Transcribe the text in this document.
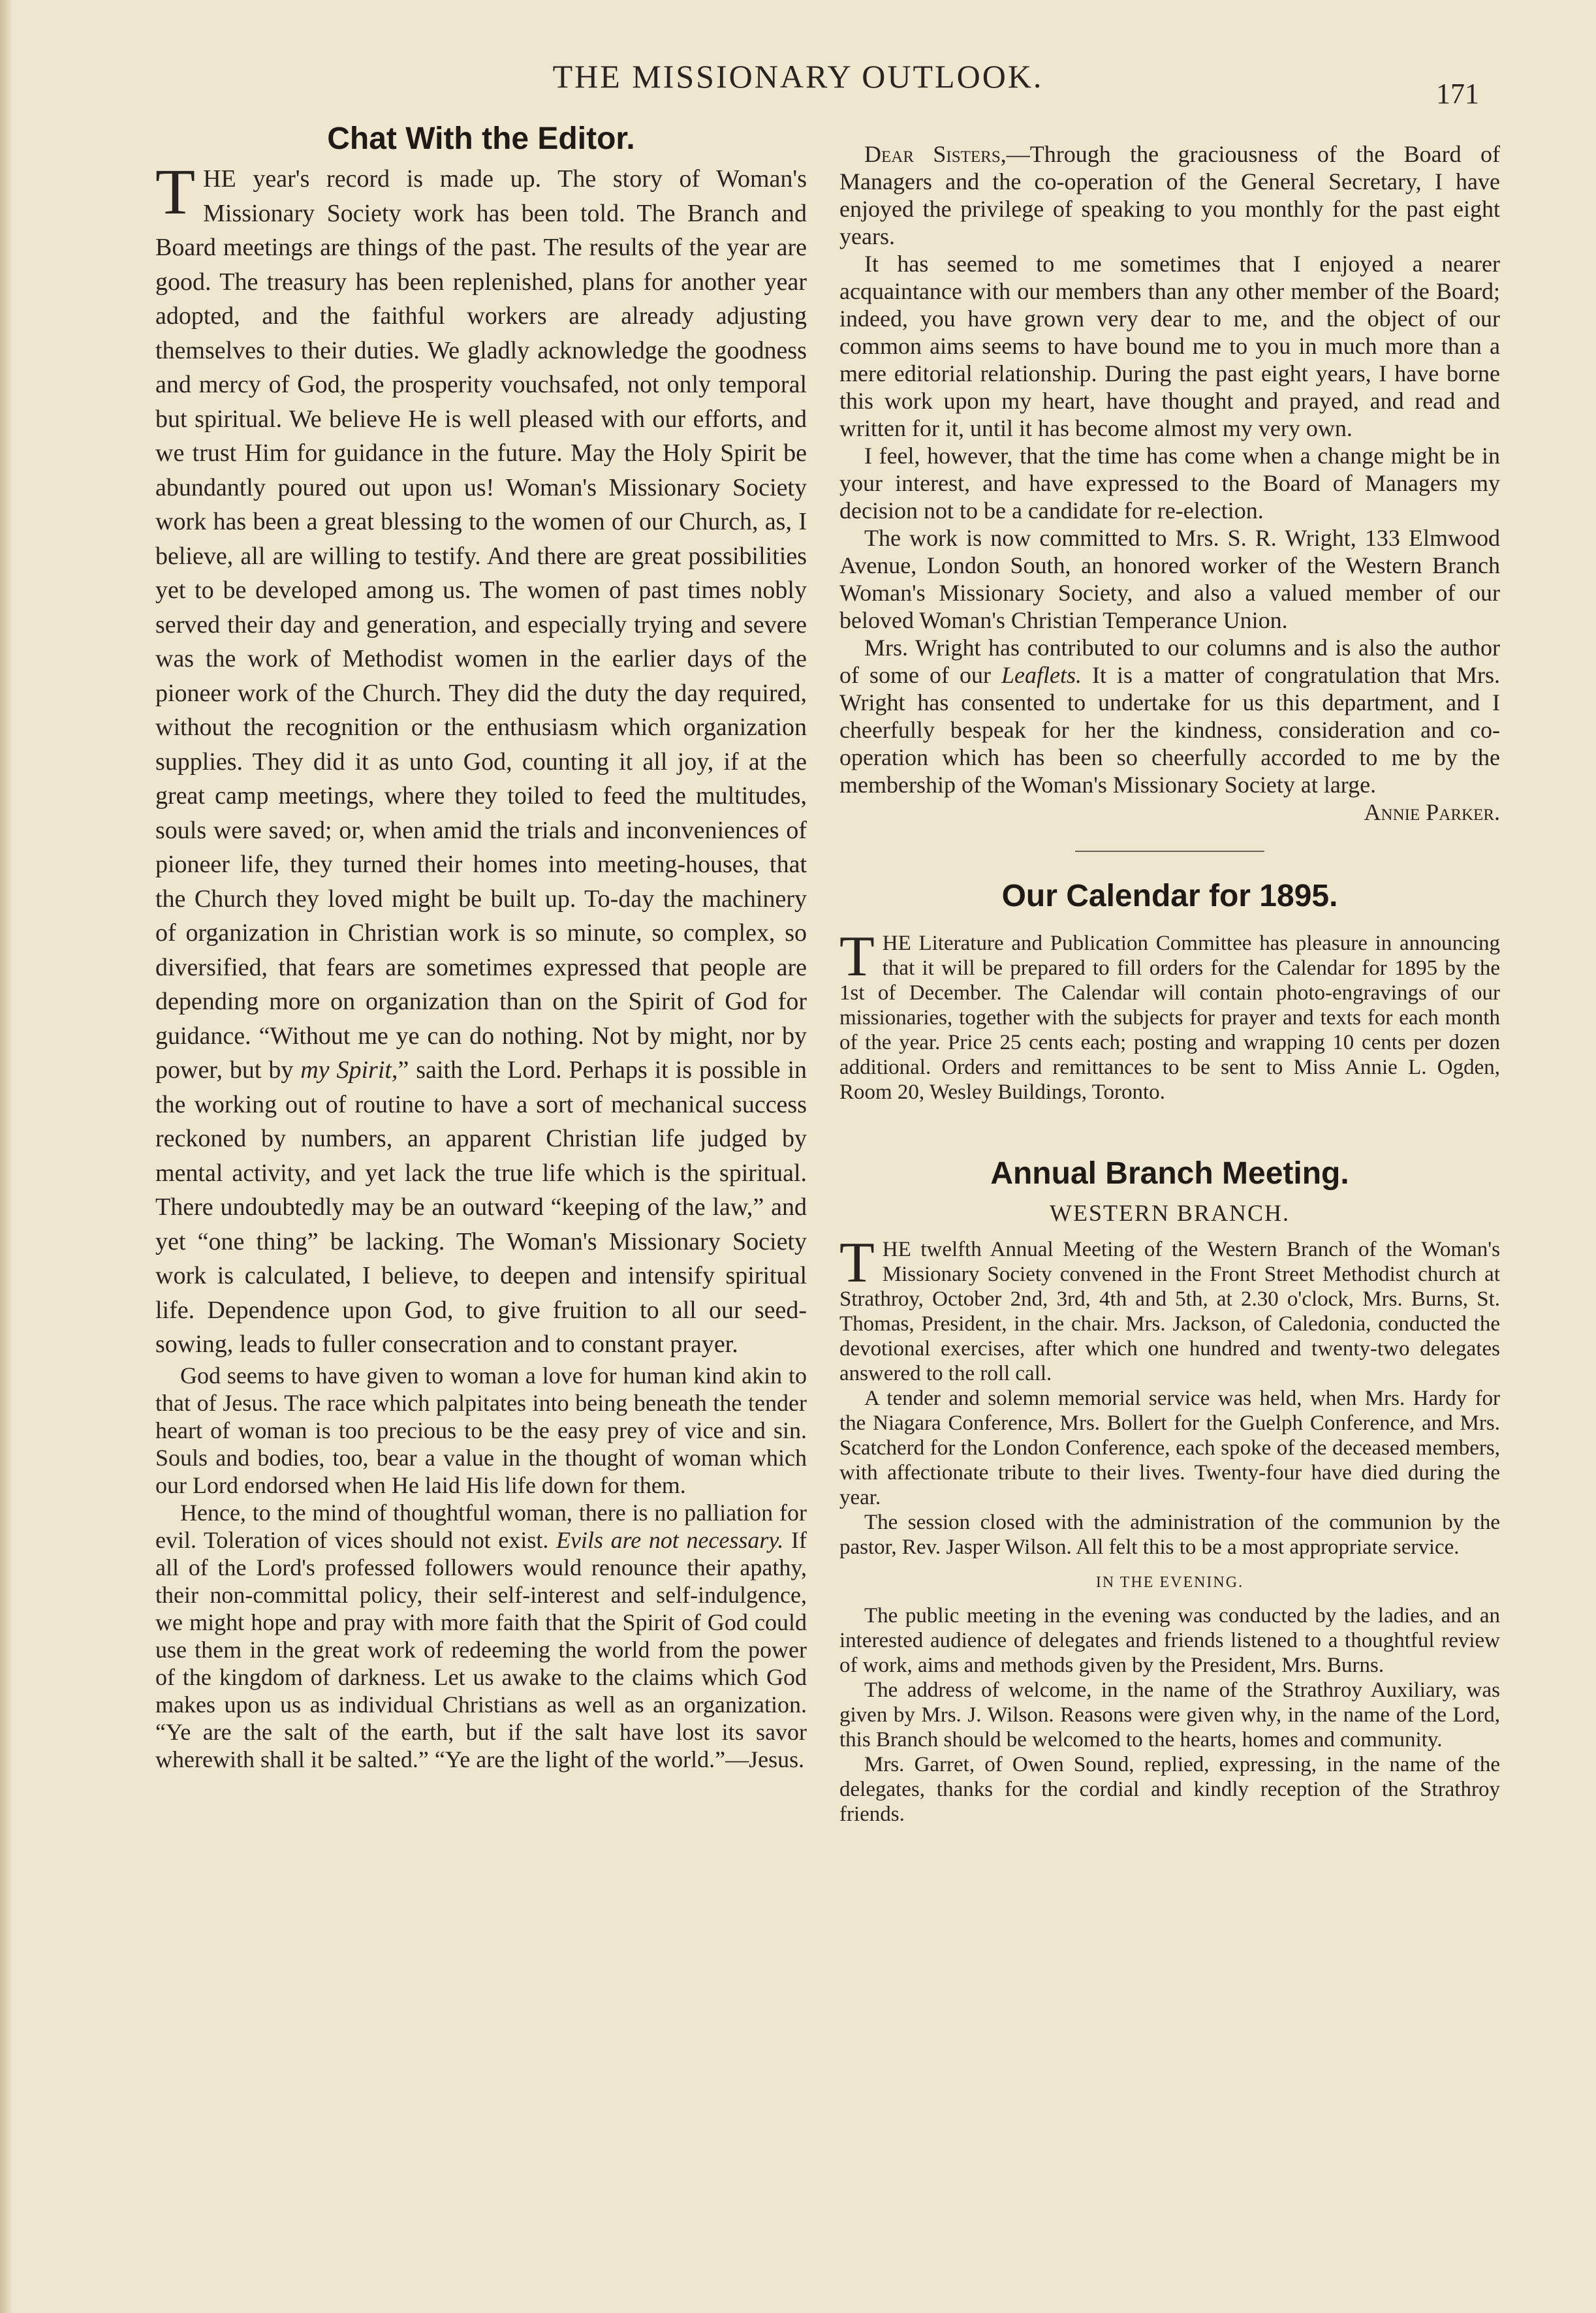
THE MISSIONARY OUTLOOK.	171
Chat With the Editor.

THE year's record is made up. The story of Woman's Missionary Society work has been told. The Branch and Board meetings are things of the past. The results of the year are good. The treasury has been replenished, plans for another year adopted, and the faithful workers are already adjusting themselves to their duties. We gladly acknowledge the goodness and mercy of God, the prosperity vouchsafed, not only temporal but spiritual. We believe He is well pleased with our efforts, and we trust Him for guidance in the future. May the Holy Spirit be abundantly poured out upon us! Woman's Missionary Society work has been a great blessing to the women of our Church, as, I believe, all are willing to testify. And there are great possibilities yet to be developed among us. The women of past times nobly served their day and generation, and especially trying and severe was the work of Methodist women in the earlier days of the pioneer work of the Church. They did the duty the day required, without the recognition or the enthusiasm which organization supplies. They did it as unto God, counting it all joy, if at the great camp meetings, where they toiled to feed the multitudes, souls were saved; or, when amid the trials and inconveniences of pioneer life, they turned their homes into meeting-houses, that the Church they loved might be built up. To-day the machinery of organization in Christian work is so minute, so complex, so diversified, that fears are sometimes expressed that people are depending more on organization than on the Spirit of God for guidance. “Without me ye can do nothing. Not by might, nor by power, but by my Spirit,” saith the Lord. Perhaps it is possible in the working out of routine to have a sort of mechanical success reckoned by numbers, an apparent Christian life judged by mental activity, and yet lack the true life which is the spiritual. There undoubtedly may be an outward “keeping of the law,” and yet “one thing” be lacking. The Woman's Missionary Society work is calculated, I believe, to deepen and intensify spiritual life. Dependence upon God, to give fruition to all our seed-sowing, leads to fuller consecration and to constant prayer.

God seems to have given to woman a love for human kind akin to that of Jesus. The race which palpitates into being beneath the tender heart of woman is too precious to be the easy prey of vice and sin. Souls and bodies, too, bear a value in the thought of woman which our Lord endorsed when He laid His life down for them.

Hence, to the mind of thoughtful woman, there is no palliation for evil. Toleration of vices should not exist. Evils are not necessary. If all of the Lord's professed followers would renounce their apathy, their non-committal policy, their self-interest and self-indulgence, we might hope and pray with more faith that the Spirit of God could use them in the great work of redeeming the world from the power of the kingdom of darkness. Let us awake to the claims which God makes upon us as individual Christians as well as an organization. “Ye are the salt of the earth, but if the salt have lost its savor wherewith shall it be salted.” “Ye are the light of the world.”—Jesus.

Dear Sisters,—Through the graciousness of the Board of Managers and the co-operation of the General Secretary, I have enjoyed the privilege of speaking to you monthly for the past eight years.

It has seemed to me sometimes that I enjoyed a nearer acquaintance with our members than any other member of the Board; indeed, you have grown very dear to me, and the object of our common aims seems to have bound me to you in much more than a mere editorial relationship. During the past eight years, I have borne this work upon my heart, have thought and prayed, and read and written for it, until it has become almost my very own.

I feel, however, that the time has come when a change might be in your interest, and have expressed to the Board of Managers my decision not to be a candidate for re-election.

The work is now committed to Mrs. S. R. Wright, 133 Elmwood Avenue, London South, an honored worker of the Western Branch Woman's Missionary Society, and also a valued member of our beloved Woman's Christian Temperance Union.

Mrs. Wright has contributed to our columns and is also the author of some of our Leaflets. It is a matter of congratulation that Mrs. Wright has consented to undertake for us this department, and I cheerfully bespeak for her the kindness, consideration and co-operation which has been so cheerfully accorded to me by the membership of the Woman's Missionary Society at large.

Annie Parker.

Our Calendar for 1895.

THE Literature and Publication Committee has pleasure in announcing that it will be prepared to fill orders for the Calendar for 1895 by the 1st of December. The Calendar will contain photo-engravings of our missionaries, together with the subjects for prayer and texts for each month of the year. Price 25 cents each; posting and wrapping 10 cents per dozen additional. Orders and remittances to be sent to Miss Annie L. Ogden, Room 20, Wesley Buildings, Toronto.

Annual Branch Meeting.
WESTERN BRANCH.

THE twelfth Annual Meeting of the Western Branch of the Woman's Missionary Society convened in the Front Street Methodist church at Strathroy, October 2nd, 3rd, 4th and 5th, at 2.30 o'clock, Mrs. Burns, St. Thomas, President, in the chair. Mrs. Jackson, of Caledonia, conducted the devotional exercises, after which one hundred and twenty-two delegates answered to the roll call.

A tender and solemn memorial service was held, when Mrs. Hardy for the Niagara Conference, Mrs. Bollert for the Guelph Conference, and Mrs. Scatcherd for the London Conference, each spoke of the deceased members, with affectionate tribute to their lives. Twenty-four have died during the year.

The session closed with the administration of the communion by the pastor, Rev. Jasper Wilson. All felt this to be a most appropriate service.

IN THE EVENING.

The public meeting in the evening was conducted by the ladies, and an interested audience of delegates and friends listened to a thoughtful review of work, aims and methods given by the President, Mrs. Burns.

The address of welcome, in the name of the Strathroy Auxiliary, was given by Mrs. J. Wilson. Reasons were given why, in the name of the Lord, this Branch should be welcomed to the hearts, homes and community.

Mrs. Garret, of Owen Sound, replied, expressing, in the name of the delegates, thanks for the cordial and kindly reception of the Strathroy friends.
